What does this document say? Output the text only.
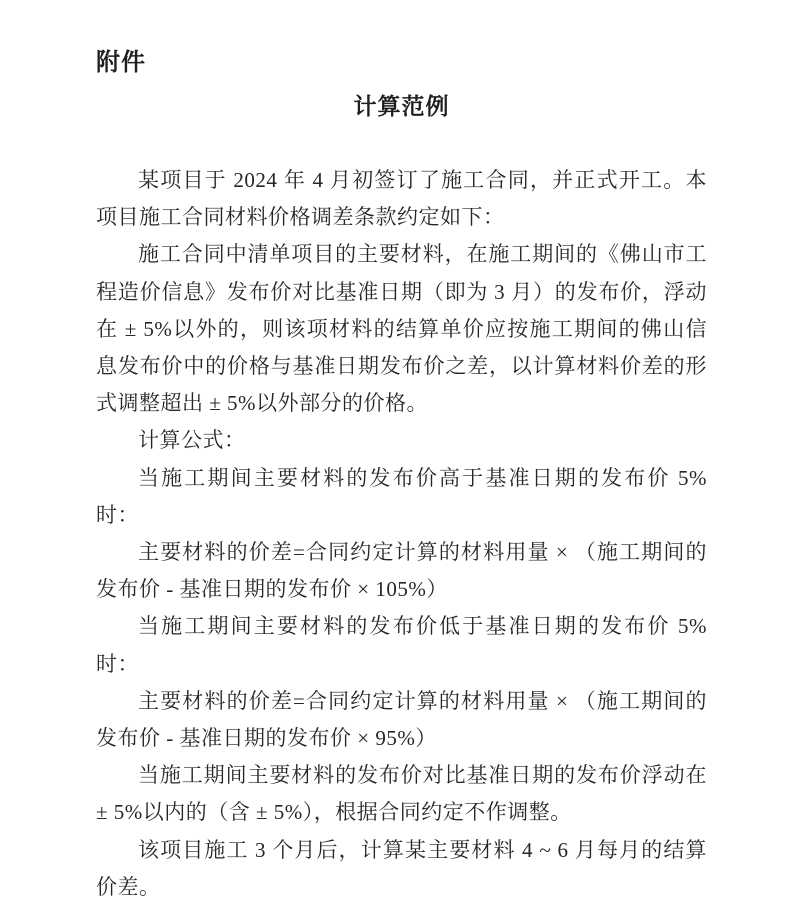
附件
计算范例

某项目于 2024 年 4 月初签订了施工合同，并正式开工。本项目施工合同材料价格调差条款约定如下：

施工合同中清单项目的主要材料，在施工期间的《佛山市工程造价信息》发布价对比基准日期（即为 3 月）的发布价，浮动在 ± 5%以外的，则该项材料的结算单价应按施工期间的佛山信息发布价中的价格与基准日期发布价之差，以计算材料价差的形式调整超出 ± 5%以外部分的价格。

计算公式：

当施工期间主要材料的发布价高于基准日期的发布价 5%时：

主要材料的价差=合同约定计算的材料用量 × （施工期间的发布价 - 基准日期的发布价 × 105%）

当施工期间主要材料的发布价低于基准日期的发布价 5%时：

主要材料的价差=合同约定计算的材料用量 × （施工期间的发布价 - 基准日期的发布价 × 95%）

当施工期间主要材料的发布价对比基准日期的发布价浮动在 ± 5%以内的（含 ± 5%），根据合同约定不作调整。

该项目施工 3 个月后，计算某主要材料 4 ~ 6 月每月的结算价差。
